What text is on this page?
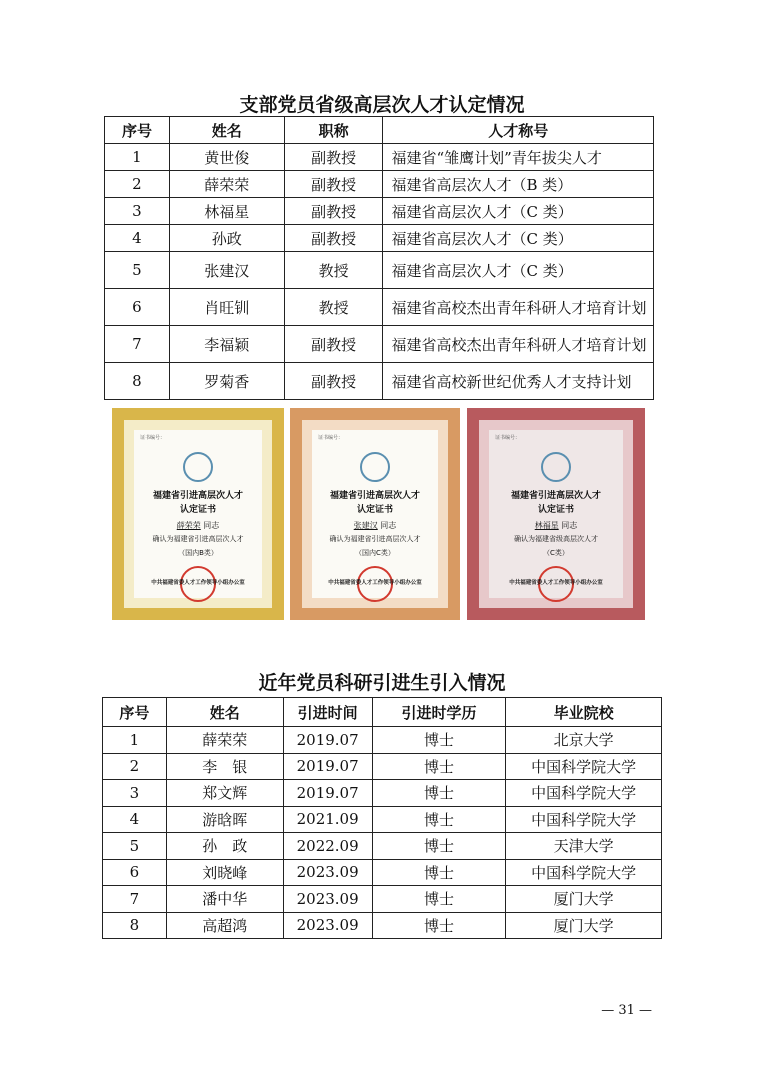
支部党员省级高层次人才认定情况
序号	姓名	职称	人才称号
1	黄世俊	副教授	福建省“雏鹰计划”青年拔尖人才
2	薛荣荣	副教授	福建省高层次人才（B 类）
3	林福星	副教授	福建省高层次人才（C 类）
4	孙政	副教授	福建省高层次人才（C 类）
5	张建汉	教授	福建省高层次人才（C 类）
6	肖旺钏	教授	福建省高校杰出青年科研人才培育计划
7	李福颖	副教授	福建省高校杰出青年科研人才培育计划
8	罗菊香	副教授	福建省高校新世纪优秀人才支持计划
证书编号：
福建省引进高层次人才
认定证书
薛荣荣 同志
确认为福建省引进高层次人才
（国内B类）
中共福建省委人才工作领导小组办公室
证书编号：
福建省引进高层次人才
认定证书
张建汉 同志
确认为福建省引进高层次人才
（国内C类）
中共福建省委人才工作领导小组办公室
证书编号：
福建省引进高层次人才
认定证书
林福星 同志
确认为福建省级高层次人才
（C类）
中共福建省委人才工作领导小组办公室
近年党员科研引进生引入情况
序号	姓名	引进时间	引进时学历	毕业院校
1	薛荣荣	2019.07	博士	北京大学
2	李　银	2019.07	博士	中国科学院大学
3	郑文辉	2019.07	博士	中国科学院大学
4	游晗晖	2021.09	博士	中国科学院大学
5	孙　政	2022.09	博士	天津大学
6	刘晓峰	2023.09	博士	中国科学院大学
7	潘中华	2023.09	博士	厦门大学
8	高超鸿	2023.09	博士	厦门大学
— 31 —
